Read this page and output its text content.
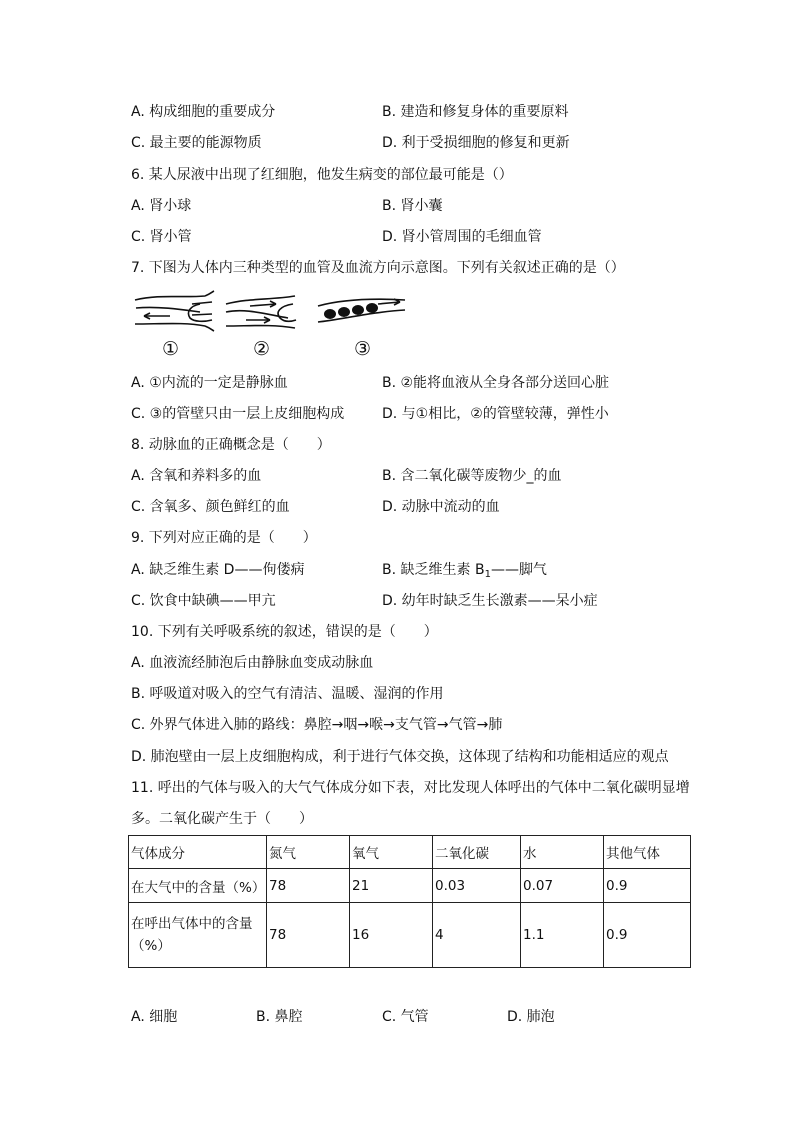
A. 构成细胞的重要成分	B. 建造和修复身体的重要原料
C. 最主要的能源物质	D. 利于受损细胞的修复和更新
6. 某人尿液中出现了红细胞，他发生病变的部位最可能是（）
A. 肾小球	B. 肾小囊
C. 肾小管	D. 肾小管周围的毛细血管
7. 下图为人体内三种类型的血管及血流方向示意图。下列有关叙述正确的是（）
①	②	③
A. ①内流的一定是静脉血	B. ②能将血液从全身各部分送回心脏
C. ③的管壁只由一层上皮细胞构成	D. 与①相比，②的管壁较薄，弹性小
8. 动脉血的正确概念是（　　）
A. 含氧和养料多的血	B. 含二氧化碳等废物少_的血
C. 含氧多、颜色鲜红的血	D. 动脉中流动的血
9. 下列对应正确的是（　　）
A. 缺乏维生素 D——佝偻病	B. 缺乏维生素 $B_1——$脚气
C. 饮食中缺碘——甲亢	D. 幼年时缺乏生长激素——呆小症
10. 下列有关呼吸系统的叙述，错误的是（　　）
A. 血液流经肺泡后由静脉血变成动脉血
B. 呼吸道对吸入的空气有清洁、温暖、湿润的作用
C. 外界气体进入肺的路线：鼻腔→咽→喉→支气管→气管→肺
D. 肺泡壁由一层上皮细胞构成，利于进行气体交换，这体现了结构和功能相适应的观点
11. 呼出的气体与吸入的大气气体成分如下表，对比发现人体呼出的气体中二氧化碳明显增
多。二氧化碳产生于（　　）
气体成分	氮气	氧气	二氧化碳	水	其他气体
在大气中的含量（%）	78	21	0.03	0.07	0.9
在呼出气体中的含量（%）	78	16	4	1.1	0.9
A. 细胞	B. 鼻腔	C. 气管	D. 肺泡
